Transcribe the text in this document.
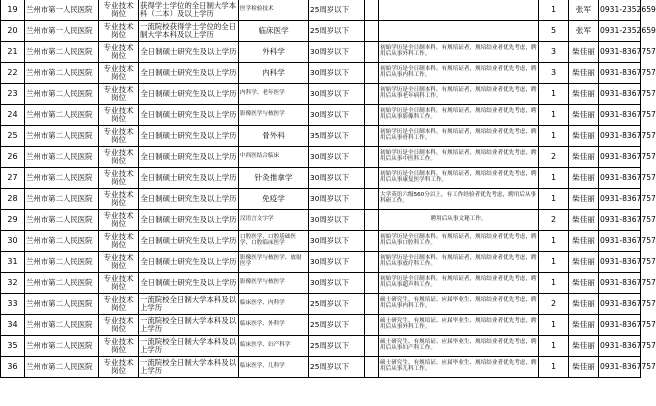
19	兰州市第一人民医院	专业技术岗位	获得学士学位的全日制大学本科（二本）及以上学历	医学检验技术	25周岁以下			1	张军	0931-2352659
20	兰州市第一人民医院	专业技术岗位	一流院校获得学士学位的全日制大学本科及以上学历	临床医学	25周岁以下			5	张军	0931-2352659
21	兰州市第二人民医院	专业技术岗位	全日制硕士研究生及以上学历	外科学	30周岁以下		初始学历是全日制本科，有规培证者，规培结业者优先考虑，聘用后从事外科工作。	3	柴佳丽	0931-8367757
22	兰州市第二人民医院	专业技术岗位	全日制硕士研究生及以上学历	内科学	30周岁以下		初始学历是全日制本科，有规培证者，规培结业者优先考虑，聘用后从事内科工作。	3	柴佳丽	0931-8367757
23	兰州市第二人民医院	专业技术岗位	全日制硕士研究生及以上学历	内科学、老年医学	30周岁以下		初始学历是全日制本科，有规培证者，规培结业者优先考虑，聘用后从事老年病科工作。	1	柴佳丽	0931-8367757
24	兰州市第二人民医院	专业技术岗位	全日制硕士研究生及以上学历	影像医学与核医学	30周岁以下		初始学历是全日制本科，有规培证者，规培结业者优先考虑，聘用后从事影像科工作。	1	柴佳丽	0931-8367757
25	兰州市第二人民医院	专业技术岗位	全日制硕士研究生及以上学历	骨外科	35周岁以下		初始学历是全日制本科，有规培证者，规培结业者优先考虑，聘用后从事骨科工作。	1	柴佳丽	0931-8367757
26	兰州市第二人民医院	专业技术岗位	全日制硕士研究生及以上学历	中西医结合临床	30周岁以下		初始学历是全日制本科，有规培证者，规培结业者优先考虑，聘用后从事中医科工作。	2	柴佳丽	0931-8367757
27	兰州市第二人民医院	专业技术岗位	全日制硕士研究生及以上学历	针灸推拿学	30周岁以下		初始学历是全日制本科，有规培证者，规培结业者优先考虑，聘用后从事康复医学科工作。	1	柴佳丽	0931-8367757
28	兰州市第二人民医院	专业技术岗位	全日制硕士研究生及以上学历	免疫学	30周岁以下		大学英语六级560分以上，有工作经验者优先考虑，聘用后从事科研工作。	1	柴佳丽	0931-8367757
29	兰州市第二人民医院	专业技术岗位	全日制硕士研究生及以上学历	汉语言文字学	30周岁以下		聘用后从事文秘工作。	2	柴佳丽	0931-8367757
30	兰州市第二人民医院	专业技术岗位	全日制硕士研究生及以上学历	口腔医学、口腔基础医学、口腔临床医学	30周岁以下		初始学历是全日制本科，有规培证者，规培结业者优先考虑，聘用后从事口腔科工作。	1	柴佳丽	0931-8367757
31	兰州市第二人民医院	专业技术岗位	全日制硕士研究生及以上学历	影像医学与核医学、放射医学	30周岁以下		初始学历是全日制本科，有规培证者，规培结业者优先考虑，聘用后从事放疗科工作。	1	柴佳丽	0931-8367757
32	兰州市第二人民医院	专业技术岗位	全日制硕士研究生及以上学历	影像医学与核医学	30周岁以下		初始学历是全日制本科，有规培证者，规培结业者优先考虑，聘用后从事超声科工作。	1	柴佳丽	0931-8367757
33	兰州市第二人民医院	专业技术岗位	一流院校全日制大学本科及以上学历	临床医学、内科学	25周岁以下		硕士研究生、有规培证、应届毕业生、规培结业者优先考虑，聘用后从事内科工作。	2	柴佳丽	0931-8367757
34	兰州市第二人民医院	专业技术岗位	一流院校全日制大学本科及以上学历	临床医学、外科学	25周岁以下		硕士研究生、有规培证、应届毕业生、规培结业者优先考虑，聘用后从事外科工作。	1	柴佳丽	0931-8367757
35	兰州市第二人民医院	专业技术岗位	一流院校全日制大学本科及以上学历	临床医学、妇产科学	25周岁以下		硕士研究生、有规培证、应届毕业生、规培结业者优先考虑，聘用后从事妇产科工作。	1	柴佳丽	0931-8367757
36	兰州市第二人民医院	专业技术岗位	一流院校全日制大学本科及以上学历	临床医学、儿科学	25周岁以下		硕士研究生、有规培证、应届毕业生、规培结业者优先考虑，聘用后从事儿科工作。	1	柴佳丽	0931-8367757
